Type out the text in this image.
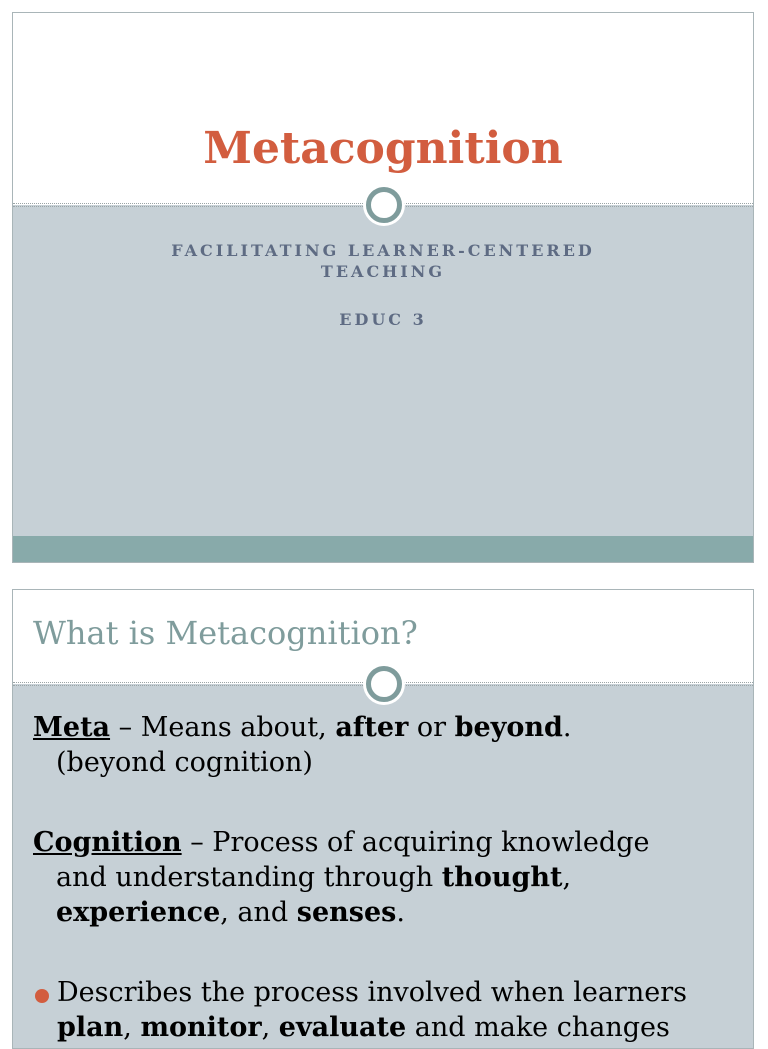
Metacognition
FACILITATING LEARNER-CENTERED
TEACHING
EDUC 3
What is Metacognition?

Meta – Means about, after or beyond.
(beyond cognition)

Cognition – Process of acquiring knowledge
and understanding through thought,
experience, and senses.

Describes the process involved when learners
plan, monitor, evaluate and make changes
